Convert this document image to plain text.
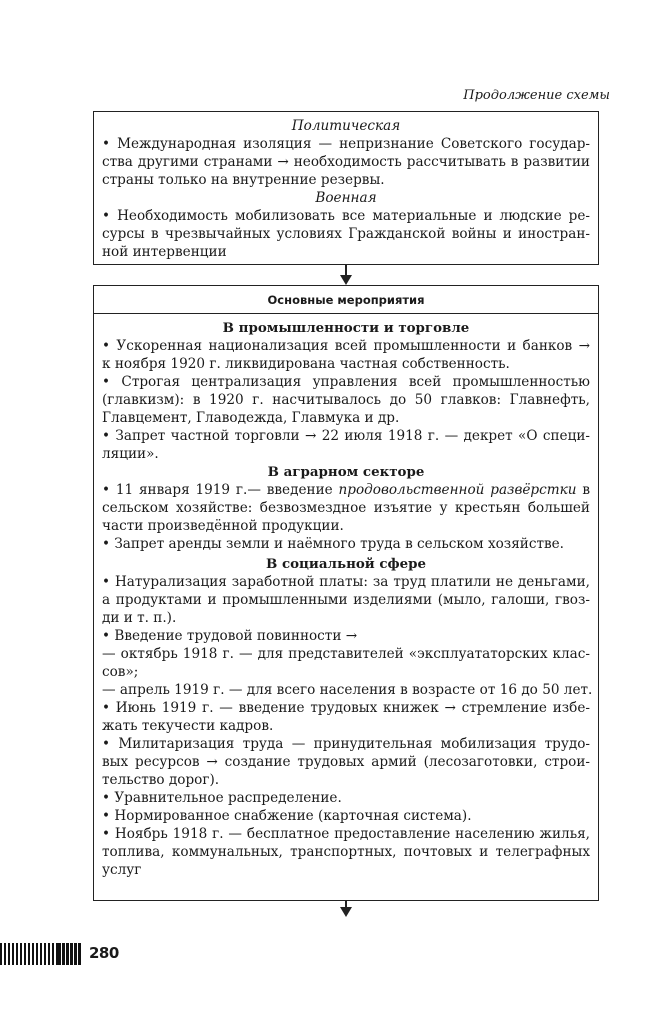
Продолжение схемы
Политическая
• Международная изоляция — непризнание Советского государ-
ства другими странами → необходимость рассчитывать в развитии
страны только на внутренние резервы.
Военная
• Необходимость мобилизовать все материальные и людские ре-
сурсы в чрезвычайных условиях Гражданской войны и иностран-
ной интервенции
Основные мероприятия
В промышленности и торговле
• Ускоренная национализация всей промышленности и банков →
к ноября 1920 г. ликвидирована частная собственность.
• Строгая централизация управления всей промышленностью
(главкизм): в 1920 г. насчитывалось до 50 главков: Главнефть,
Главцемент, Главодежда, Главмука и др.
• Запрет частной торговли → 22 июля 1918 г. — декрет «О специ-
ляции».
В аграрном секторе
• 11 января 1919 г.— введение продовольственной развёрстки в
сельском хозяйстве: безвозмездное изъятие у крестьян большей
части произведённой продукции.
• Запрет аренды земли и наёмного труда в сельском хозяйстве.
В социальной сфере
• Натурализация заработной платы: за труд платили не деньгами,
а продуктами и промышленными изделиями (мыло, галоши, гвоз-
ди и т. п.).
• Введение трудовой повинности →
— октябрь 1918 г. — для представителей «эксплуататорских клас-
сов»;
— апрель 1919 г. — для всего населения в возрасте от 16 до 50 лет.
• Июнь 1919 г. — введение трудовых книжек → стремление избе-
жать текучести кадров.
• Милитаризация труда — принудительная мобилизация трудо-
вых ресурсов → создание трудовых армий (лесозаготовки, строи-
тельство дорог).
• Уравнительное распределение.
• Нормированное снабжение (карточная система).
• Ноябрь 1918 г. — бесплатное предоставление населению жилья,
топлива, коммунальных, транспортных, почтовых и телеграфных
услуг
280
